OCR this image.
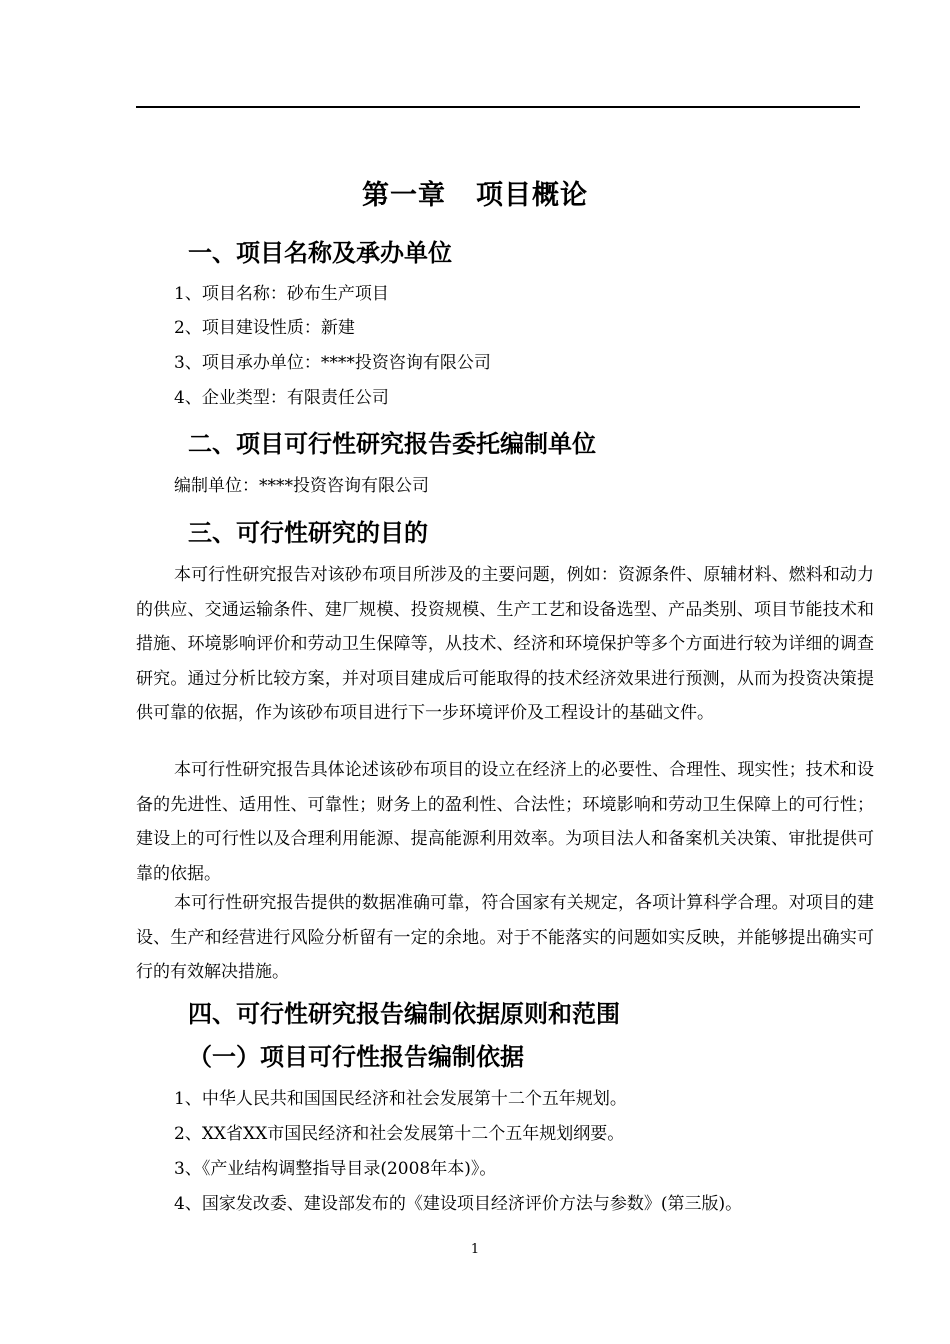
第一章 项目概论
一、项目名称及承办单位
1、项目名称：砂布生产项目
2、项目建设性质：新建
3、项目承办单位：****投资咨询有限公司
4、企业类型：有限责任公司
二、项目可行性研究报告委托编制单位
编制单位：****投资咨询有限公司
三、可行性研究的目的
本可行性研究报告对该砂布项目所涉及的主要问题，例如：资源条件、原辅材料、燃料和动力的供应、交通运输条件、建厂规模、投资规模、生产工艺和设备选型、产品类别、项目节能技术和措施、环境影响评价和劳动卫生保障等，从技术、经济和环境保护等多个方面进行较为详细的调查研究。通过分析比较方案，并对项目建成后可能取得的技术经济效果进行预测，从而为投资决策提供可靠的依据，作为该砂布项目进行下一步环境评价及工程设计的基础文件。
本可行性研究报告具体论述该砂布项目的设立在经济上的必要性、合理性、现实性；技术和设备的先进性、适用性、可靠性；财务上的盈利性、合法性；环境影响和劳动卫生保障上的可行性；建设上的可行性以及合理利用能源、提高能源利用效率。为项目法人和备案机关决策、审批提供可靠的依据。
本可行性研究报告提供的数据准确可靠，符合国家有关规定，各项计算科学合理。对项目的建设、生产和经营进行风险分析留有一定的余地。对于不能落实的问题如实反映，并能够提出确实可行的有效解决措施。
四、可行性研究报告编制依据原则和范围
（一）项目可行性报告编制依据
1、中华人民共和国国民经济和社会发展第十二个五年规划。
2、XX省XX市国民经济和社会发展第十二个五年规划纲要。
3、《产业结构调整指导目录(2008年本)》。
4、国家发改委、建设部发布的《建设项目经济评价方法与参数》(第三版)。
1
